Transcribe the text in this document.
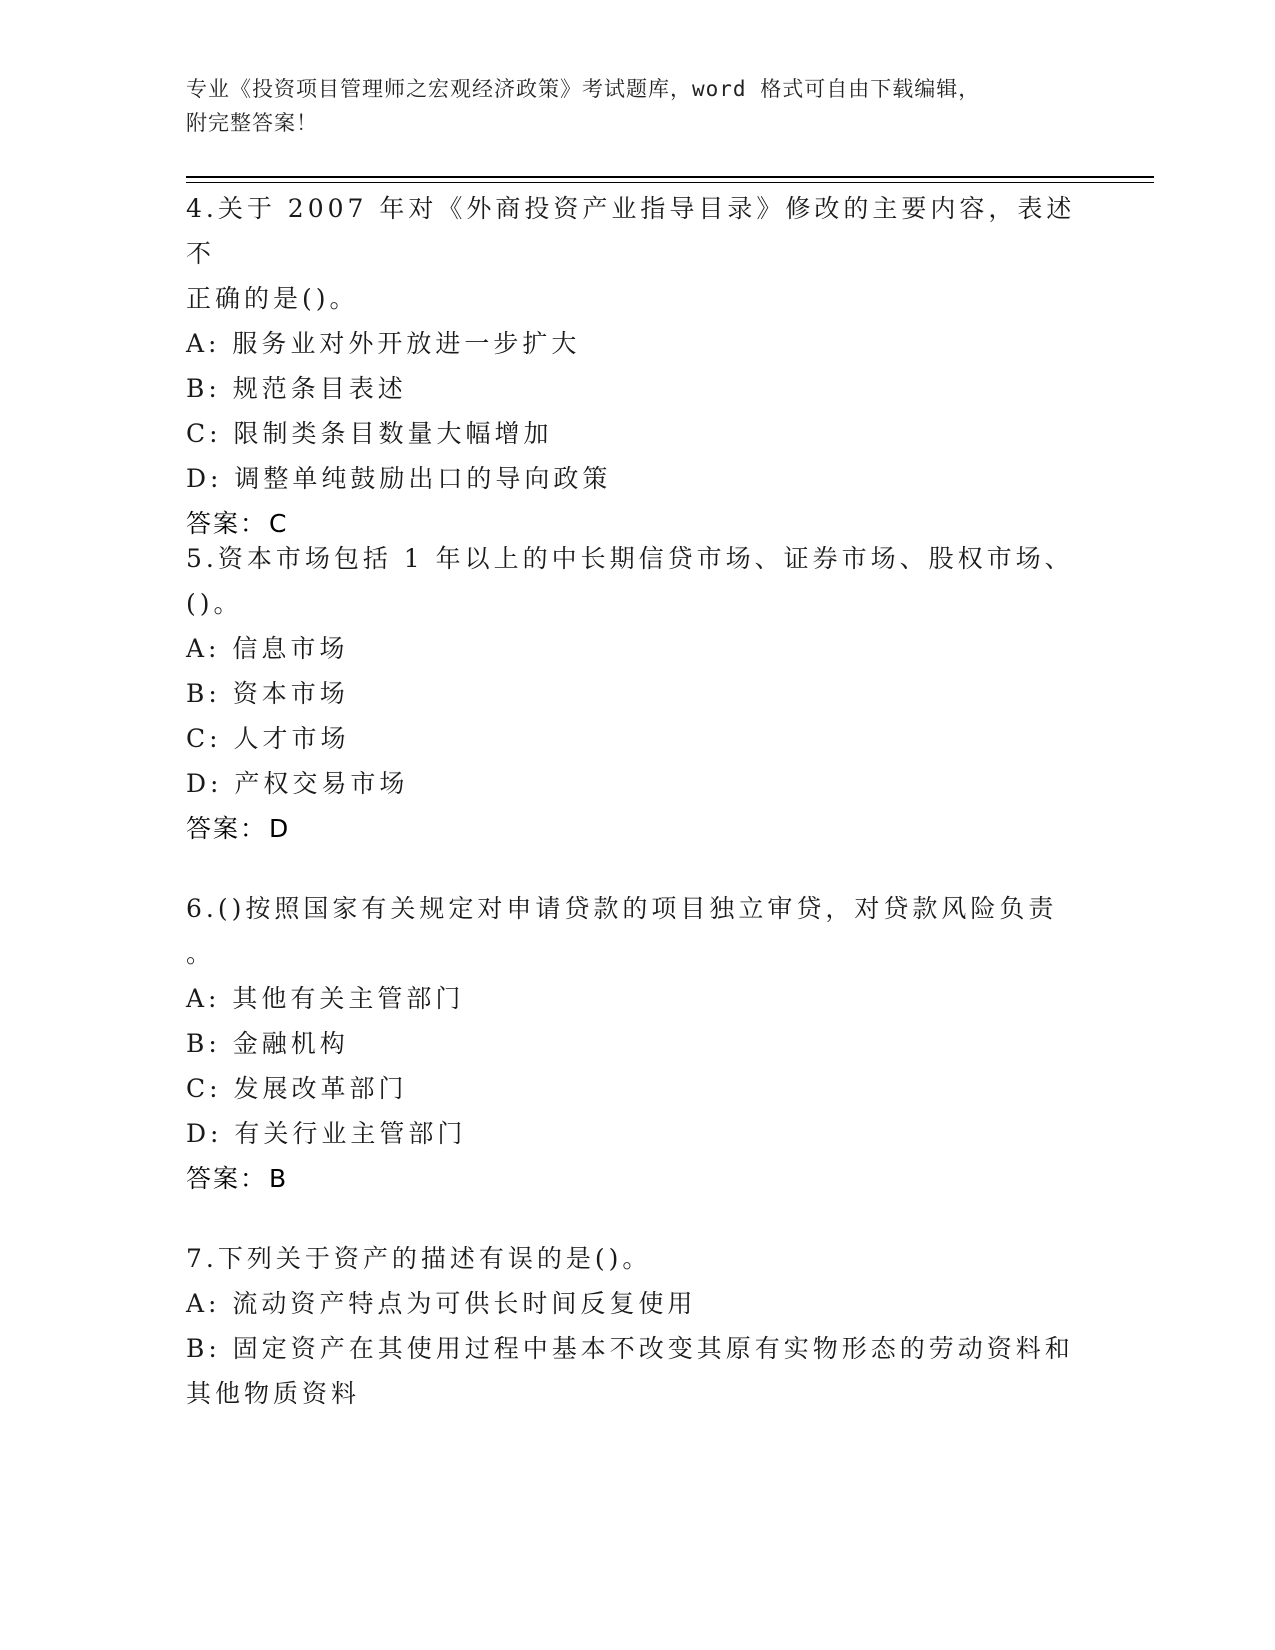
专业《投资项目管理师之宏观经济政策》考试题库，word 格式可自由下载编辑，
附完整答案！

4.关于 2007 年对《外商投资产业指导目录》修改的主要内容，表述不

正确的是()。

A: 服务业对外开放进一步扩大

B: 规范条目表述

C: 限制类条目数量大幅增加

D: 调整单纯鼓励出口的导向政策

答案：C

5.资本市场包括 1 年以上的中长期信贷市场、证券市场、股权市场、

()。

A: 信息市场

B: 资本市场

C: 人才市场

D: 产权交易市场

答案：D

6.()按照国家有关规定对申请贷款的项目独立审贷，对贷款风险负责

。

A: 其他有关主管部门

B: 金融机构

C: 发展改革部门

D: 有关行业主管部门

答案：B

7.下列关于资产的描述有误的是()。

A: 流动资产特点为可供长时间反复使用

B: 固定资产在其使用过程中基本不改变其原有实物形态的劳动资料和

其他物质资料
